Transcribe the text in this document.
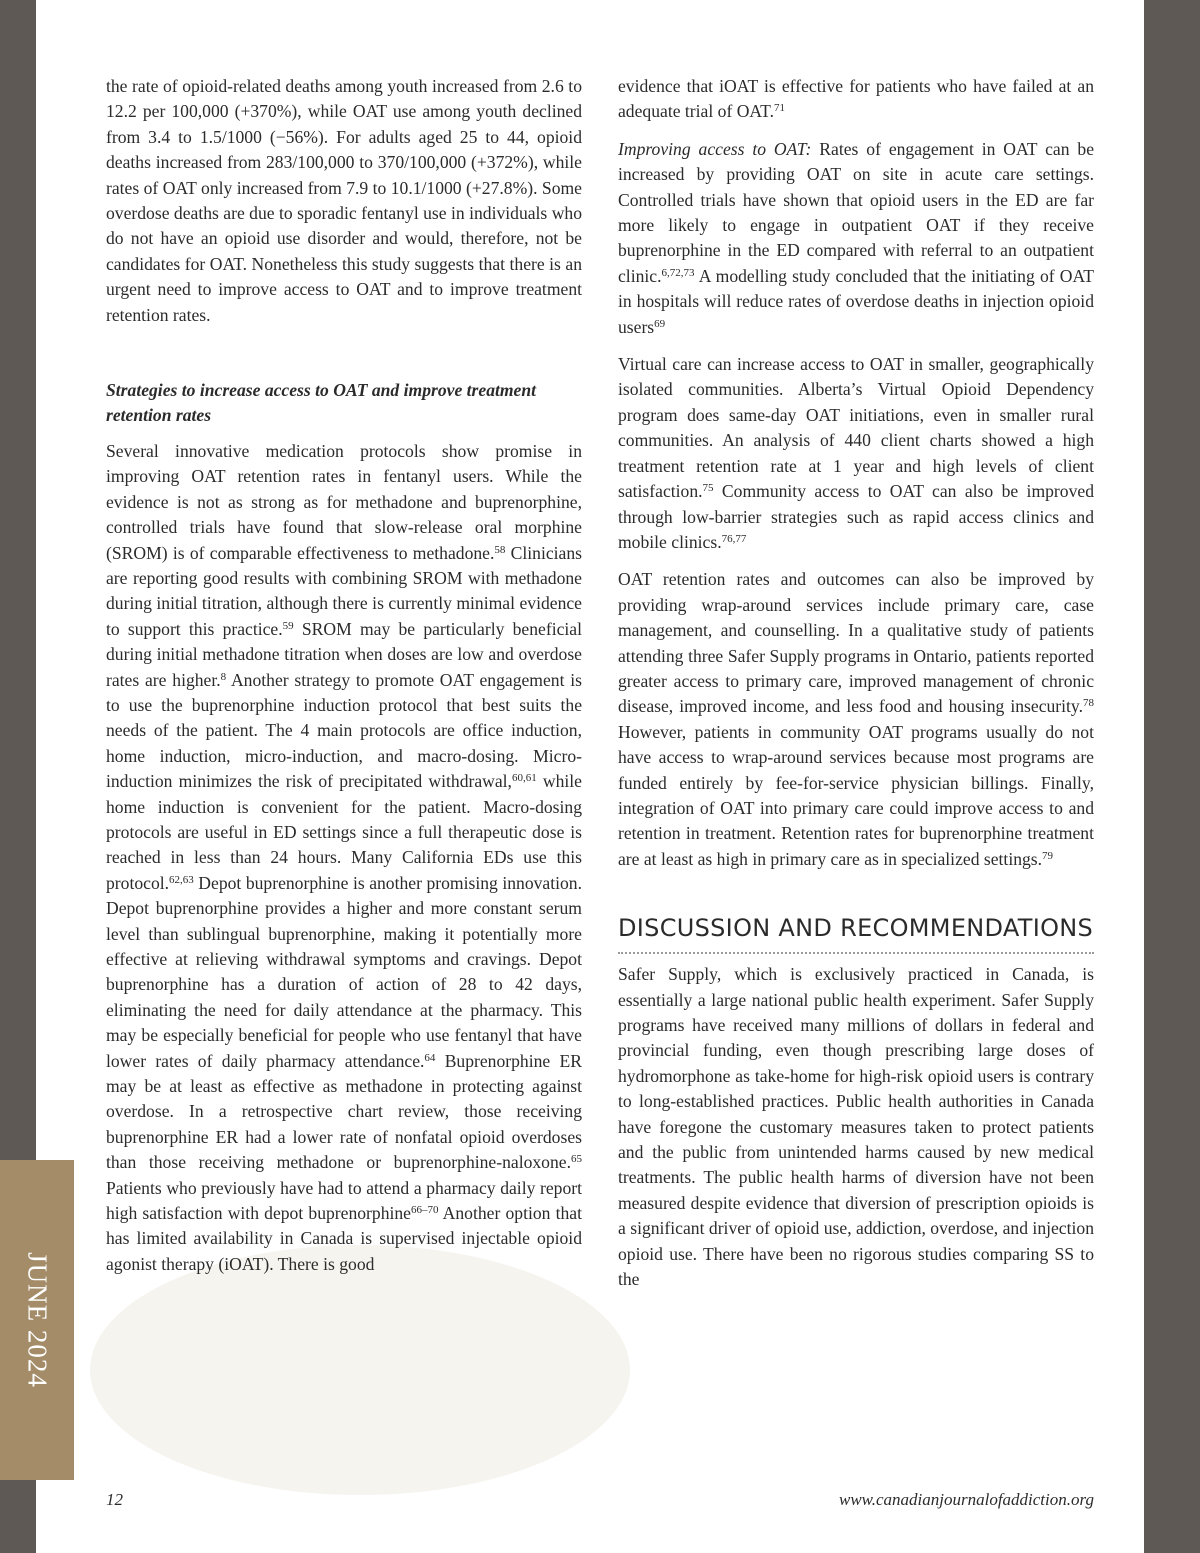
JUNE 2024

the rate of opioid-related deaths among youth increased from 2.6 to 12.2 per 100,000 (+370%), while OAT use among youth declined from 3.4 to 1.5/1000 (−56%). For adults aged 25 to 44, opioid deaths increased from 283/100,000 to 370/100,000 (+372%), while rates of OAT only increased from 7.9 to 10.1/1000 (+27.8%). Some overdose deaths are due to sporadic fentanyl use in individuals who do not have an opioid use disorder and would, therefore, not be candidates for OAT. Nonetheless this study suggests that there is an urgent need to improve access to OAT and to improve treatment retention rates.

Strategies to increase access to OAT and improve treatment retention rates

Several innovative medication protocols show promise in improving OAT retention rates in fentanyl users. While the evidence is not as strong as for methadone and buprenorphine, controlled trials have found that slow-release oral morphine (SROM) is of comparable effectiveness to methadone.$^{58}$ Clinicians are reporting good results with combining SROM with methadone during initial titration, although there is currently minimal evidence to support this practice.$^{59}$ SROM may be particularly beneficial during initial methadone titration when doses are low and overdose rates are higher.$^8$ Another strategy to promote OAT engagement is to use the buprenorphine induction protocol that best suits the needs of the patient. The 4 main protocols are office induction, home induction, micro-induction, and macro-dosing. Micro-induction minimizes the risk of precipitated withdrawal,$^{60,61}$ while home induction is convenient for the patient. Macro-dosing protocols are useful in ED settings since a full therapeutic dose is reached in less than 24 hours. Many California EDs use this protocol.$^{62,63}$ Depot buprenorphine is another promising innovation. Depot buprenorphine provides a higher and more constant serum level than sublingual buprenorphine, making it potentially more effective at relieving withdrawal symptoms and cravings. Depot buprenorphine has a duration of action of 28 to 42 days, eliminating the need for daily attendance at the pharmacy. This may be especially beneficial for people who use fentanyl that have lower rates of daily pharmacy attendance.$^{64}$ Buprenorphine ER may be at least as effective as methadone in protecting against overdose. In a retrospective chart review, those receiving buprenorphine ER had a lower rate of nonfatal opioid overdoses than those receiving methadone or buprenorphine-naloxone.$^{65}$ Patients who previously have had to attend a pharmacy daily report high satisfaction with depot buprenorphine$^{66-70}$ Another option that has limited availability in Canada is supervised injectable opioid agonist therapy (iOAT). There is good

evidence that iOAT is effective for patients who have failed at an adequate trial of OAT.$^{71}$

Improving access to OAT: Rates of engagement in OAT can be increased by providing OAT on site in acute care settings. Controlled trials have shown that opioid users in the ED are far more likely to engage in outpatient OAT if they receive buprenorphine in the ED compared with referral to an outpatient clinic.$^{6,72,73}$ A modelling study concluded that the initiating of OAT in hospitals will reduce rates of overdose deaths in injection opioid users$^{69}$

Virtual care can increase access to OAT in smaller, geographically isolated communities. Alberta’s Virtual Opioid Dependency program does same-day OAT initiations, even in smaller rural communities. An analysis of 440 client charts showed a high treatment retention rate at 1 year and high levels of client satisfaction.$^{75}$ Community access to OAT can also be improved through low-barrier strategies such as rapid access clinics and mobile clinics.$^{76,77}$

OAT retention rates and outcomes can also be improved by providing wrap-around services include primary care, case management, and counselling. In a qualitative study of patients attending three Safer Supply programs in Ontario, patients reported greater access to primary care, improved management of chronic disease, improved income, and less food and housing insecurity.$^{78}$ However, patients in community OAT programs usually do not have access to wrap-around services because most programs are funded entirely by fee-for-service physician billings. Finally, integration of OAT into primary care could improve access to and retention in treatment. Retention rates for buprenorphine treatment are at least as high in primary care as in specialized settings.$^{79}$

DISCUSSION AND RECOMMENDATIONS

Safer Supply, which is exclusively practiced in Canada, is essentially a large national public health experiment. Safer Supply programs have received many millions of dollars in federal and provincial funding, even though prescribing large doses of hydromorphone as take-home for high-risk opioid users is contrary to long-established practices. Public health authorities in Canada have foregone the customary measures taken to protect patients and the public from unintended harms caused by new medical treatments. The public health harms of diversion have not been measured despite evidence that diversion of prescription opioids is a significant driver of opioid use, addiction, overdose, and injection opioid use. There have been no rigorous studies comparing SS to the

12	www.canadianjournalofaddiction.org
